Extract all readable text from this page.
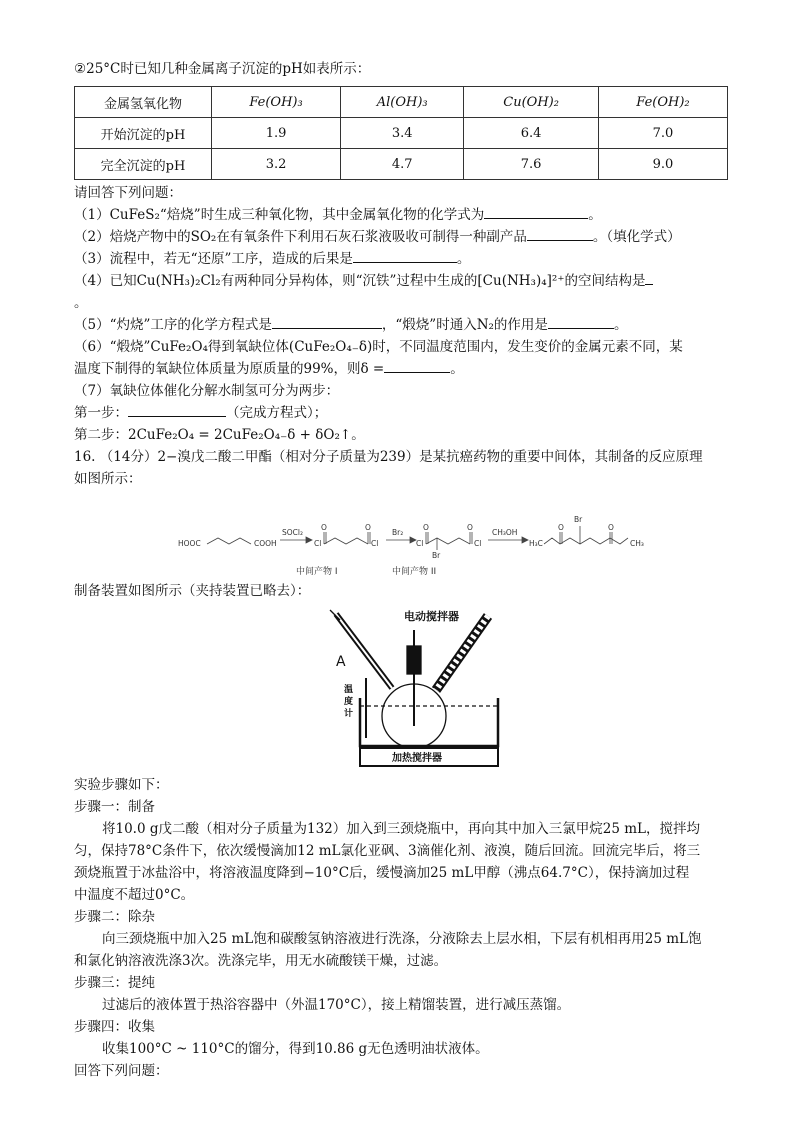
②25°C时已知几种金属离子沉淀的pH如表所示：
金属氢氧化物	Fe(OH)₃	Al(OH)₃	Cu(OH)₂	Fe(OH)₂
开始沉淀的pH	1.9	3.4	6.4	7.0
完全沉淀的pH	3.2	4.7	7.6	9.0
请回答下列问题：
（1）CuFeS₂“焙烧”时生成三种氧化物，其中金属氧化物的化学式为	。
（2）焙烧产物中的SO₂在有氧条件下利用石灰石浆液吸收可制得一种副产品	。（填化学式）
（3）流程中，若无“还原”工序，造成的后果是	。
（4）已知Cu(NH₃)₂Cl₂有两种同分异构体，则“沉铁”过程中生成的[Cu(NH₃)₄]²⁺的空间结构是
。
（5）“灼烧”工序的化学方程式是	，“煅烧”时通入N₂的作用是	。
（6）“煅烧”CuFe₂O₄得到氧缺位体(CuFe₂O₄₋δ)时，不同温度范围内，发生变价的金属元素不同，某
温度下制得的氧缺位体质量为原质量的99%，则δ =	。
（7）氧缺位体催化分解水制氢可分为两步：
第一步：	（完成方程式）；
第二步：2CuFe₂O₄ = 2CuFe₂O₄₋δ + δO₂↑。
16. （14分）2−溴戊二酸二甲酯（相对分子质量为239）是某抗癌药物的重要中间体，其制备的反应原理
如图所示：
HOOC	COOH
SOCl₂
Cl
O	O
Cl
Br₂
Cl
O	O
Cl
Br
CH₃OH
H₃C
O	O
Br
CH₃
中间产物 I	中间产物 II
制备装置如图所示（夹持装置已略去）：
电动搅拌器
A
温
度
计
加热搅拌器
实验步骤如下：
步骤一：制备
将10.0 g戊二酸（相对分子质量为132）加入到三颈烧瓶中，再向其中加入三氯甲烷25 mL，搅拌均
匀，保持78°C条件下，依次缓慢滴加12 mL氯化亚砜、3滴催化剂、液溴，随后回流。回流完毕后，将三
颈烧瓶置于冰盐浴中，将溶液温度降到−10°C后，缓慢滴加25 mL甲醇（沸点64.7°C），保持滴加过程
中温度不超过0°C。
步骤二：除杂
向三颈烧瓶中加入25 mL饱和碳酸氢钠溶液进行洗涤，分液除去上层水相，下层有机相再用25 mL饱
和氯化钠溶液洗涤3次。洗涤完毕，用无水硫酸镁干燥，过滤。
步骤三：提纯
过滤后的液体置于热浴容器中（外温170°C），接上精馏装置，进行减压蒸馏。
步骤四：收集
收集100°C ~ 110°C的馏分，得到10.86 g无色透明油状液体。
回答下列问题：
